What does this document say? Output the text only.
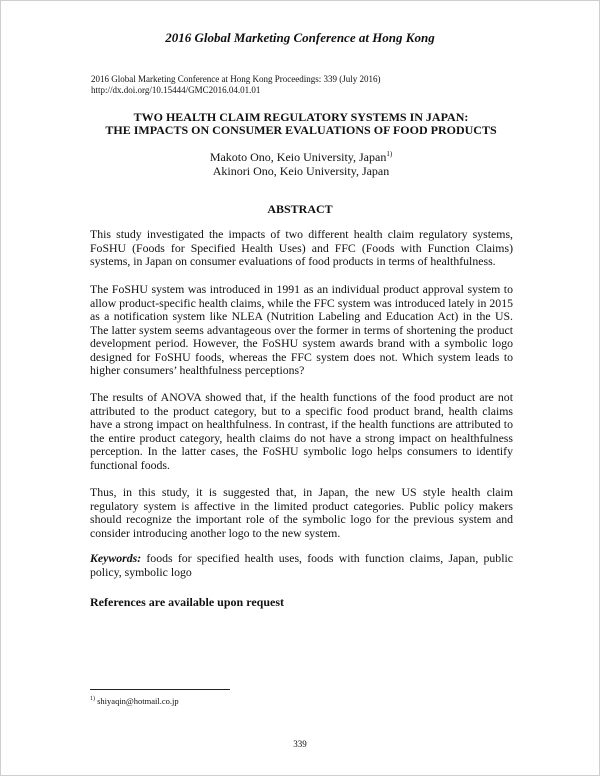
2016 Global Marketing Conference at Hong Kong
2016 Global Marketing Conference at Hong Kong Proceedings: 339 (July 2016)
http://dx.doi.org/10.15444/GMC2016.04.01.01
TWO HEALTH CLAIM REGULATORY SYSTEMS IN JAPAN:
THE IMPACTS ON CONSUMER EVALUATIONS OF FOOD PRODUCTS
Makoto Ono, Keio University, Japan$^{1)}$
Akinori Ono, Keio University, Japan
ABSTRACT
This study investigated the impacts of two different health claim regulatory systems, FoSHU (Foods for Specified Health Uses) and FFC (Foods with Function Claims) systems, in Japan on consumer evaluations of food products in terms of healthfulness.
The FoSHU system was introduced in 1991 as an individual product approval system to allow product-specific health claims, while the FFC system was introduced lately in 2015 as a notification system like NLEA (Nutrition Labeling and Education Act) in the US. The latter system seems advantageous over the former in terms of shortening the product development period. However, the FoSHU system awards brand with a symbolic logo designed for FoSHU foods, whereas the FFC system does not. Which system leads to higher consumers’ healthfulness perceptions?
The results of ANOVA showed that, if the health functions of the food product are not attributed to the product category, but to a specific food product brand, health claims have a strong impact on healthfulness. In contrast, if the health functions are attributed to the entire product category, health claims do not have a strong impact on healthfulness perception. In the latter cases, the FoSHU symbolic logo helps consumers to identify functional foods.
Thus, in this study, it is suggested that, in Japan, the new US style health claim regulatory system is affective in the limited product categories. Public policy makers should recognize the important role of the symbolic logo for the previous system and consider introducing another logo to the new system.
Keywords: foods for specified health uses, foods with function claims, Japan, public policy, symbolic logo
References are available upon request
$^{1)}$ shiyaqin@hotmail.co.jp
339
